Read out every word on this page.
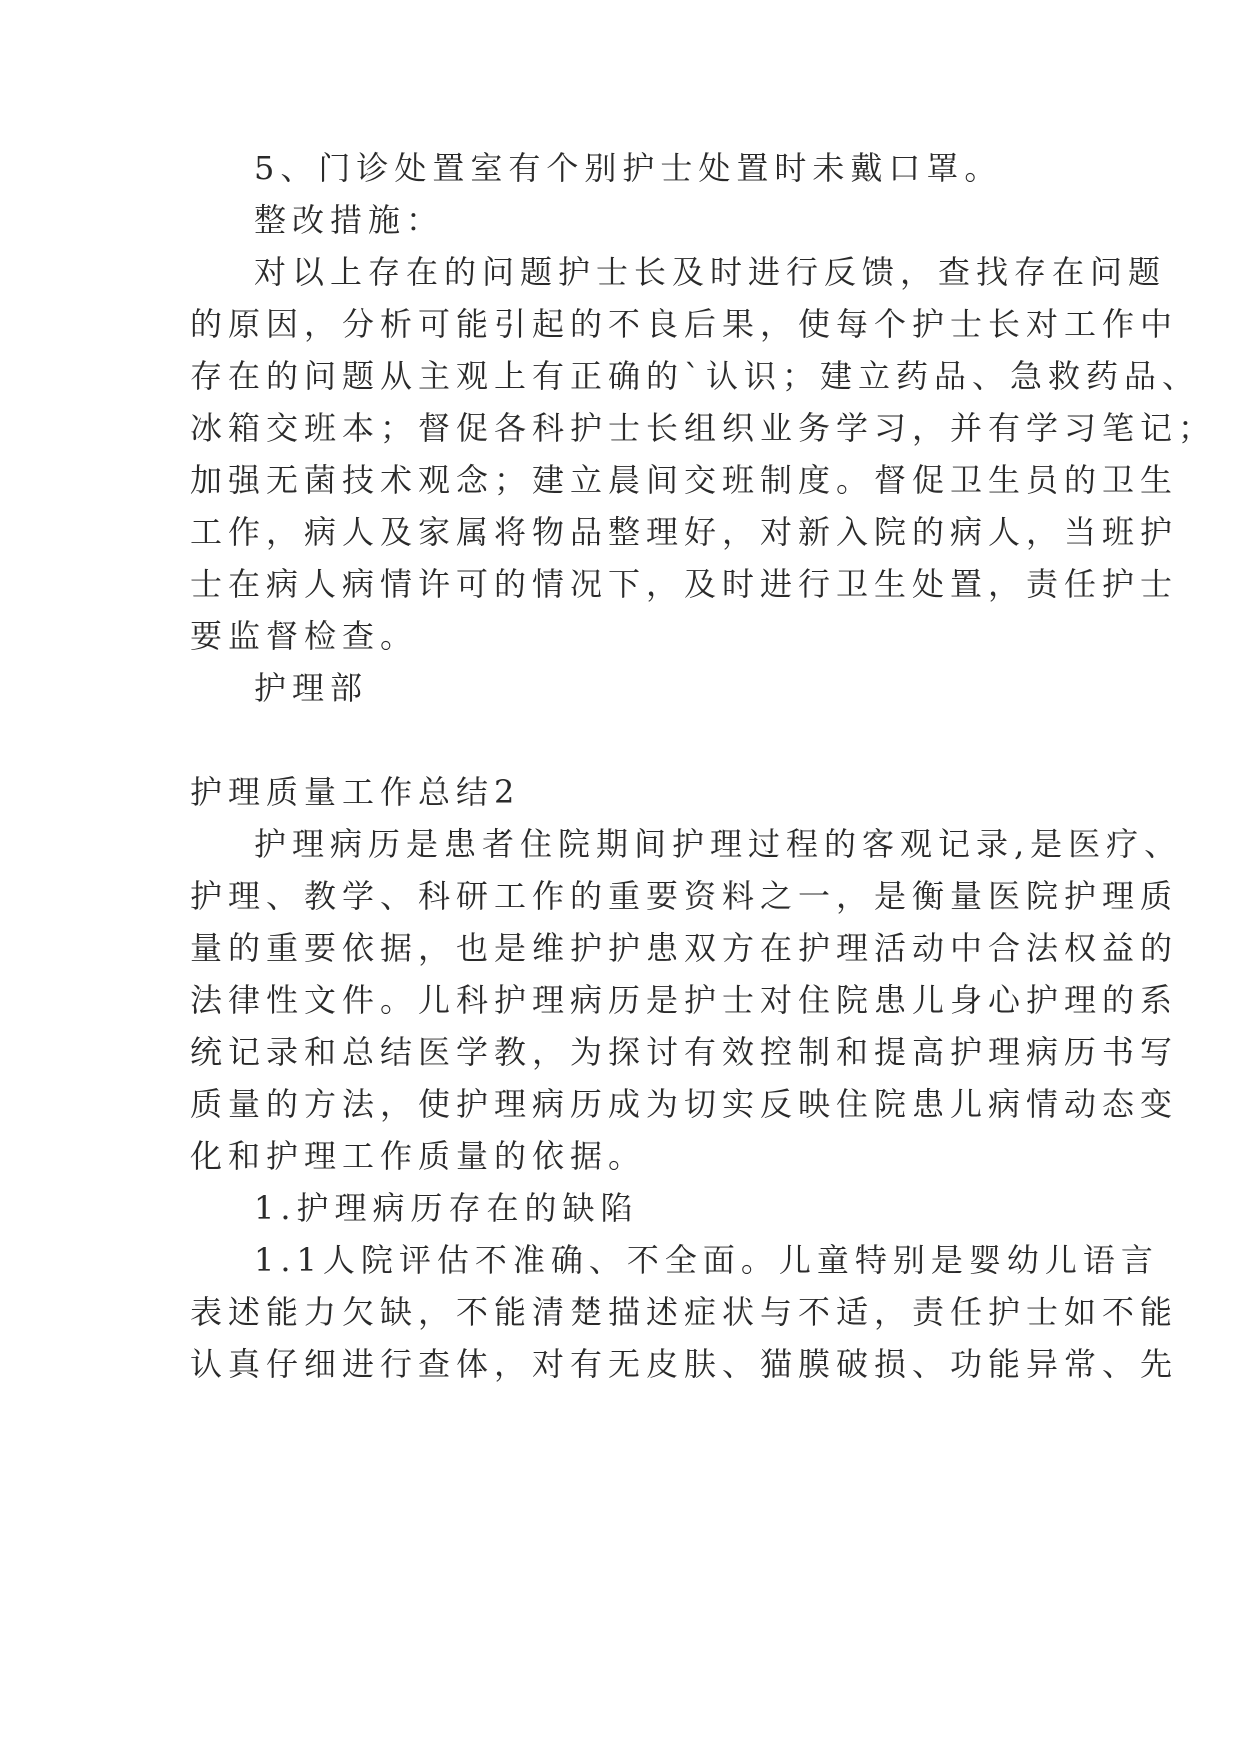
5、门诊处置室有个别护士处置时未戴口罩。

整改措施：

对以上存在的问题护士长及时进行反馈，查找存在问题

的原因，分析可能引起的不良后果，使每个护士长对工作中

存在的问题从主观上有正确的`认识；建立药品、急救药品、

冰箱交班本；督促各科护士长组织业务学习，并有学习笔记；

加强无菌技术观念；建立晨间交班制度。督促卫生员的卫生

工作，病人及家属将物品整理好，对新入院的病人，当班护

士在病人病情许可的情况下，及时进行卫生处置，责任护士

要监督检查。

护理部

护理质量工作总结2

护理病历是患者住院期间护理过程的客观记录,是医疗、

护理、教学、科研工作的重要资料之一，是衡量医院护理质

量的重要依据，也是维护护患双方在护理活动中合法权益的

法律性文件。儿科护理病历是护士对住院患儿身心护理的系

统记录和总结医学教，为探讨有效控制和提高护理病历书写

质量的方法，使护理病历成为切实反映住院患儿病情动态变

化和护理工作质量的依据。

1.护理病历存在的缺陷

1.1人院评估不准确、不全面。儿童特别是婴幼儿语言

表述能力欠缺，不能清楚描述症状与不适，责任护士如不能

认真仔细进行查体，对有无皮肤、猫膜破损、功能异常、先
